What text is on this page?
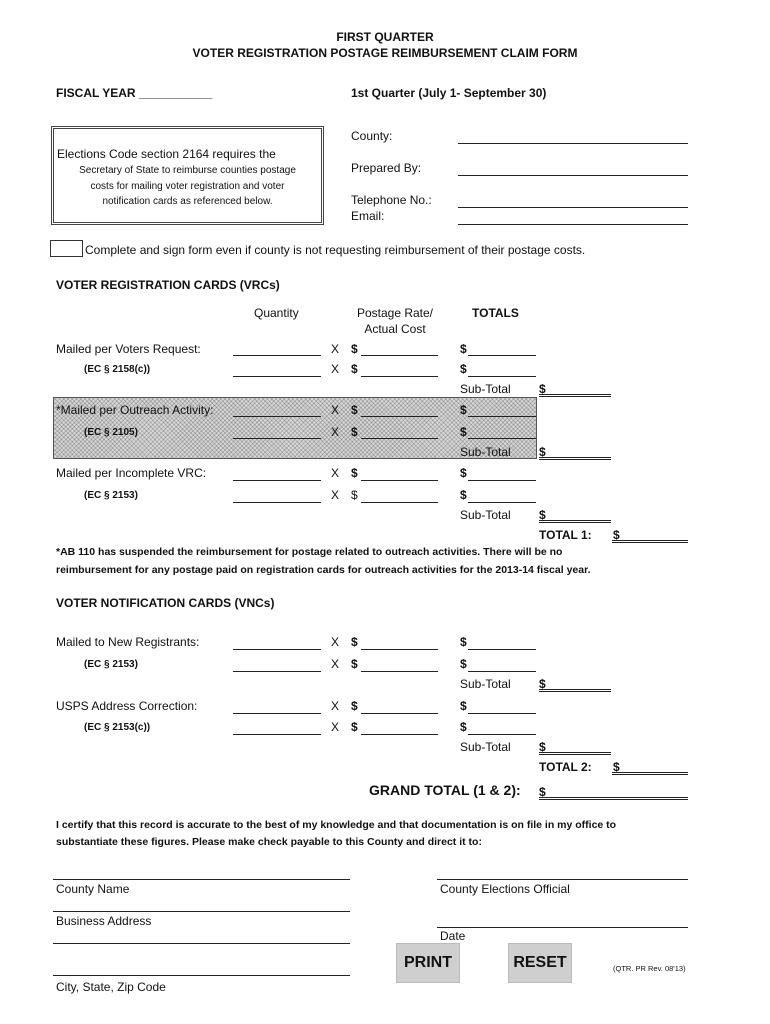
FIRST QUARTER
VOTER REGISTRATION POSTAGE REIMBURSEMENT CLAIM FORM
FISCAL YEAR ___________	1st Quarter (July 1- September 30)
Elections Code section 2164 requires the
Secretary of State to reimburse counties postage
costs for mailing voter registration and voter
notification cards as referenced below.
County:
Prepared By:
Telephone No.:
Email:
Complete and sign form even if county is not requesting reimbursement of their postage costs.
VOTER REGISTRATION CARDS (VRCs)
Quantity	Postage Rate/
Actual Cost
TOTALS
Mailed per Voters Request:	X $	$
(EC § 2158(c))	X $	$
Sub-Total $
*Mailed per Outreach Activity:	X $	$
(EC § 2105)	X $	$
Sub-Total $
Mailed per Incomplete VRC:	X $	$
(EC § 2153)	X $	$
Sub-Total $
TOTAL 1: $
*AB 110 has suspended the reimbursement for postage related to outreach activities. There will be no
reimbursement for any postage paid on registration cards for outreach activities for the 2013-14 fiscal year.
VOTER NOTIFICATION CARDS (VNCs)
Mailed to New Registrants:	X $	$
(EC § 2153)	X $	$
Sub-Total $
USPS Address Correction:	X $	$
(EC § 2153(c))	X $	$
Sub-Total $
TOTAL 2: $
GRAND TOTAL (1 & 2): $
I certify that this record is accurate to the best of my knowledge and that documentation is on file in my office to
substantiate these figures. Please make check payable to this County and direct it to:
County Name	County Elections Official
Business Address
Date
City, State, Zip Code
PRINT	RESET	(QTR. PR Rev. 08'13)
